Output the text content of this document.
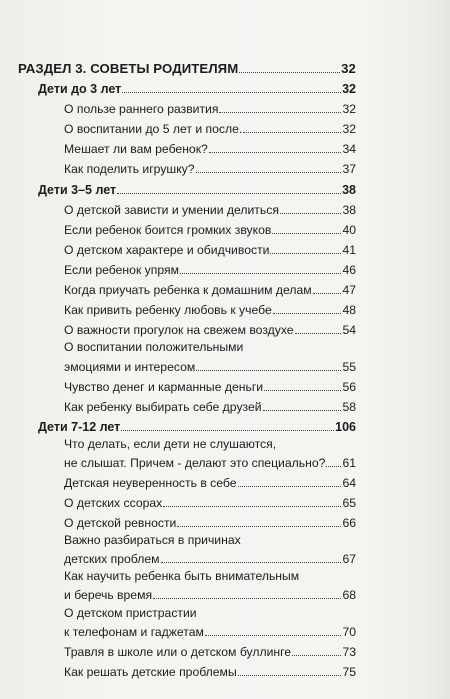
РАЗДЕЛ 3. СОВЕТЫ РОДИТЕЛЯМ	32
Дети до 3 лет	32
О пользе раннего развития	32
О воспитании до 5 лет и после.	32
Мешает ли вам ребенок?	34
Как поделить игрушку?	37
Дети 3–5 лет	38
О детской зависти и умении делиться	38
Если ребенок боится громких звуков	40
О детском характере и обидчивости	41
Если ребенок упрям	46
Когда приучать ребенка к домашним делам	47
Как привить ребенку любовь к учебе	48
О важности прогулок на свежем воздухе	54
О воспитании положительными
эмоциями и интересом	55
Чувство денег и карманные деньги	56
Как ребенку выбирать себе друзей	58
Дети 7-12 лет	106
Что делать, если дети не слушаются,
не слышат. Причем - делают это специально? 61
Детская неуверенность в себе	64
О детских ссорах	65
О детской ревности	66
Важно разбираться в причинах
детских проблем	67
Как научить ребенка быть внимательным
и беречь время	68
О детском пристрастии
к телефонам и гаджетам	70
Травля в школе или о детском буллинге	73
Как решать детские проблемы	75
